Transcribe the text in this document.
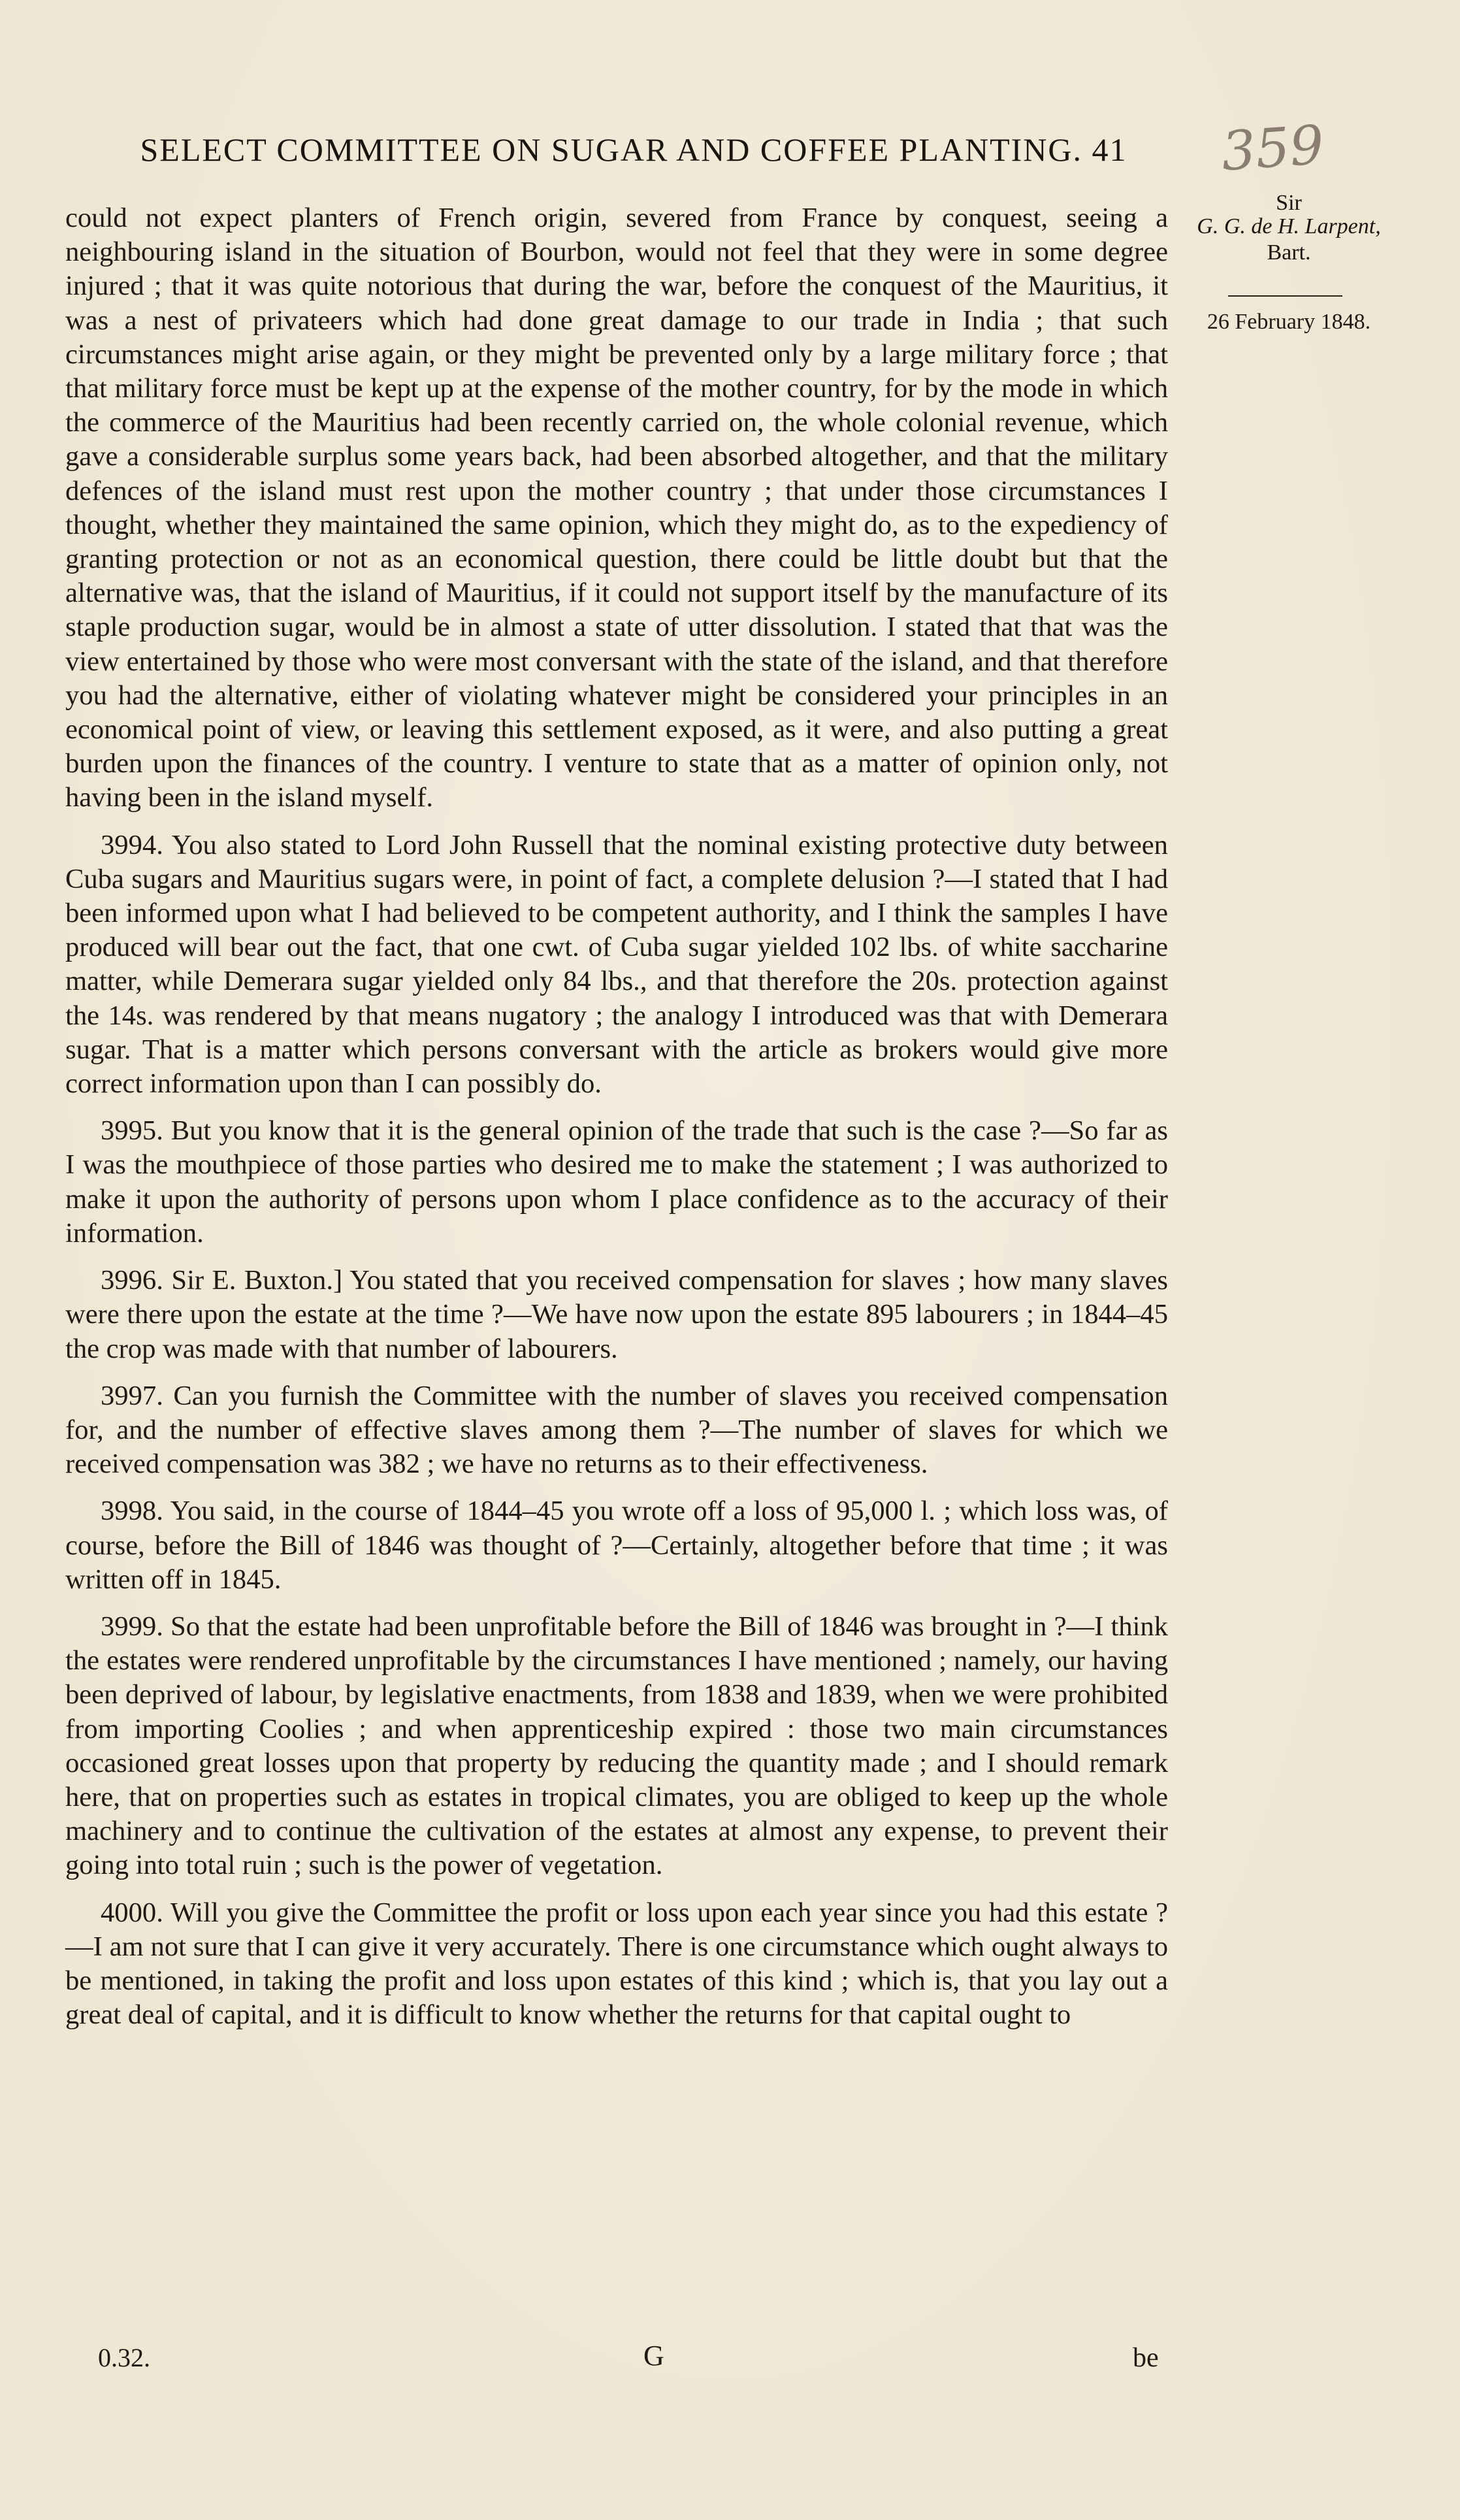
SELECT COMMITTEE ON SUGAR AND COFFEE PLANTING. 41	359
Sir
G. G. de H. Larpent,
Bart.
26 February 1848.

could not expect planters of French origin, severed from France by conquest, seeing a neighbouring island in the situation of Bourbon, would not feel that they were in some degree injured ; that it was quite notorious that during the war, before the conquest of the Mauritius, it was a nest of privateers which had done great damage to our trade in India ; that such circumstances might arise again, or they might be prevented only by a large military force ; that that military force must be kept up at the expense of the mother country, for by the mode in which the commerce of the Mauritius had been recently carried on, the whole colonial revenue, which gave a considerable surplus some years back, had been absorbed altogether, and that the military defences of the island must rest upon the mother country ; that under those circumstances I thought, whether they maintained the same opinion, which they might do, as to the expediency of granting protection or not as an economical question, there could be little doubt but that the alternative was, that the island of Mauritius, if it could not support itself by the manufacture of its staple production sugar, would be in almost a state of utter dissolution. I stated that that was the view entertained by those who were most conversant with the state of the island, and that therefore you had the alternative, either of violating whatever might be considered your principles in an economical point of view, or leaving this settlement exposed, as it were, and also putting a great burden upon the finances of the country. I venture to state that as a matter of opinion only, not having been in the island myself.

3994. You also stated to Lord John Russell that the nominal existing protective duty between Cuba sugars and Mauritius sugars were, in point of fact, a complete delusion ?—I stated that I had been informed upon what I had believed to be competent authority, and I think the samples I have produced will bear out the fact, that one cwt. of Cuba sugar yielded 102 lbs. of white saccharine matter, while Demerara sugar yielded only 84 lbs., and that therefore the 20s. protection against the 14s. was rendered by that means nugatory ; the analogy I introduced was that with Demerara sugar. That is a matter which persons conversant with the article as brokers would give more correct information upon than I can possibly do.

3995. But you know that it is the general opinion of the trade that such is the case ?—So far as I was the mouthpiece of those parties who desired me to make the statement ; I was authorized to make it upon the authority of persons upon whom I place confidence as to the accuracy of their information.

3996. Sir E. Buxton.] You stated that you received compensation for slaves ; how many slaves were there upon the estate at the time ?—We have now upon the estate 895 labourers ; in 1844–45 the crop was made with that number of labourers.

3997. Can you furnish the Committee with the number of slaves you received compensation for, and the number of effective slaves among them ?—The number of slaves for which we received compensation was 382 ; we have no returns as to their effectiveness.

3998. You said, in the course of 1844–45 you wrote off a loss of 95,000 l. ; which loss was, of course, before the Bill of 1846 was thought of ?—Certainly, altogether before that time ; it was written off in 1845.

3999. So that the estate had been unprofitable before the Bill of 1846 was brought in ?—I think the estates were rendered unprofitable by the circumstances I have mentioned ; namely, our having been deprived of labour, by legislative enactments, from 1838 and 1839, when we were prohibited from importing Coolies ; and when apprenticeship expired : those two main circumstances occasioned great losses upon that property by reducing the quantity made ; and I should remark here, that on properties such as estates in tropical climates, you are obliged to keep up the whole machinery and to continue the cultivation of the estates at almost any expense, to prevent their going into total ruin ; such is the power of vegetation.

4000. Will you give the Committee the profit or loss upon each year since you had this estate ?—I am not sure that I can give it very accurately. There is one circumstance which ought always to be mentioned, in taking the profit and loss upon estates of this kind ; which is, that you lay out a great deal of capital, and it is difficult to know whether the returns for that capital ought to

0.32.	G	be
